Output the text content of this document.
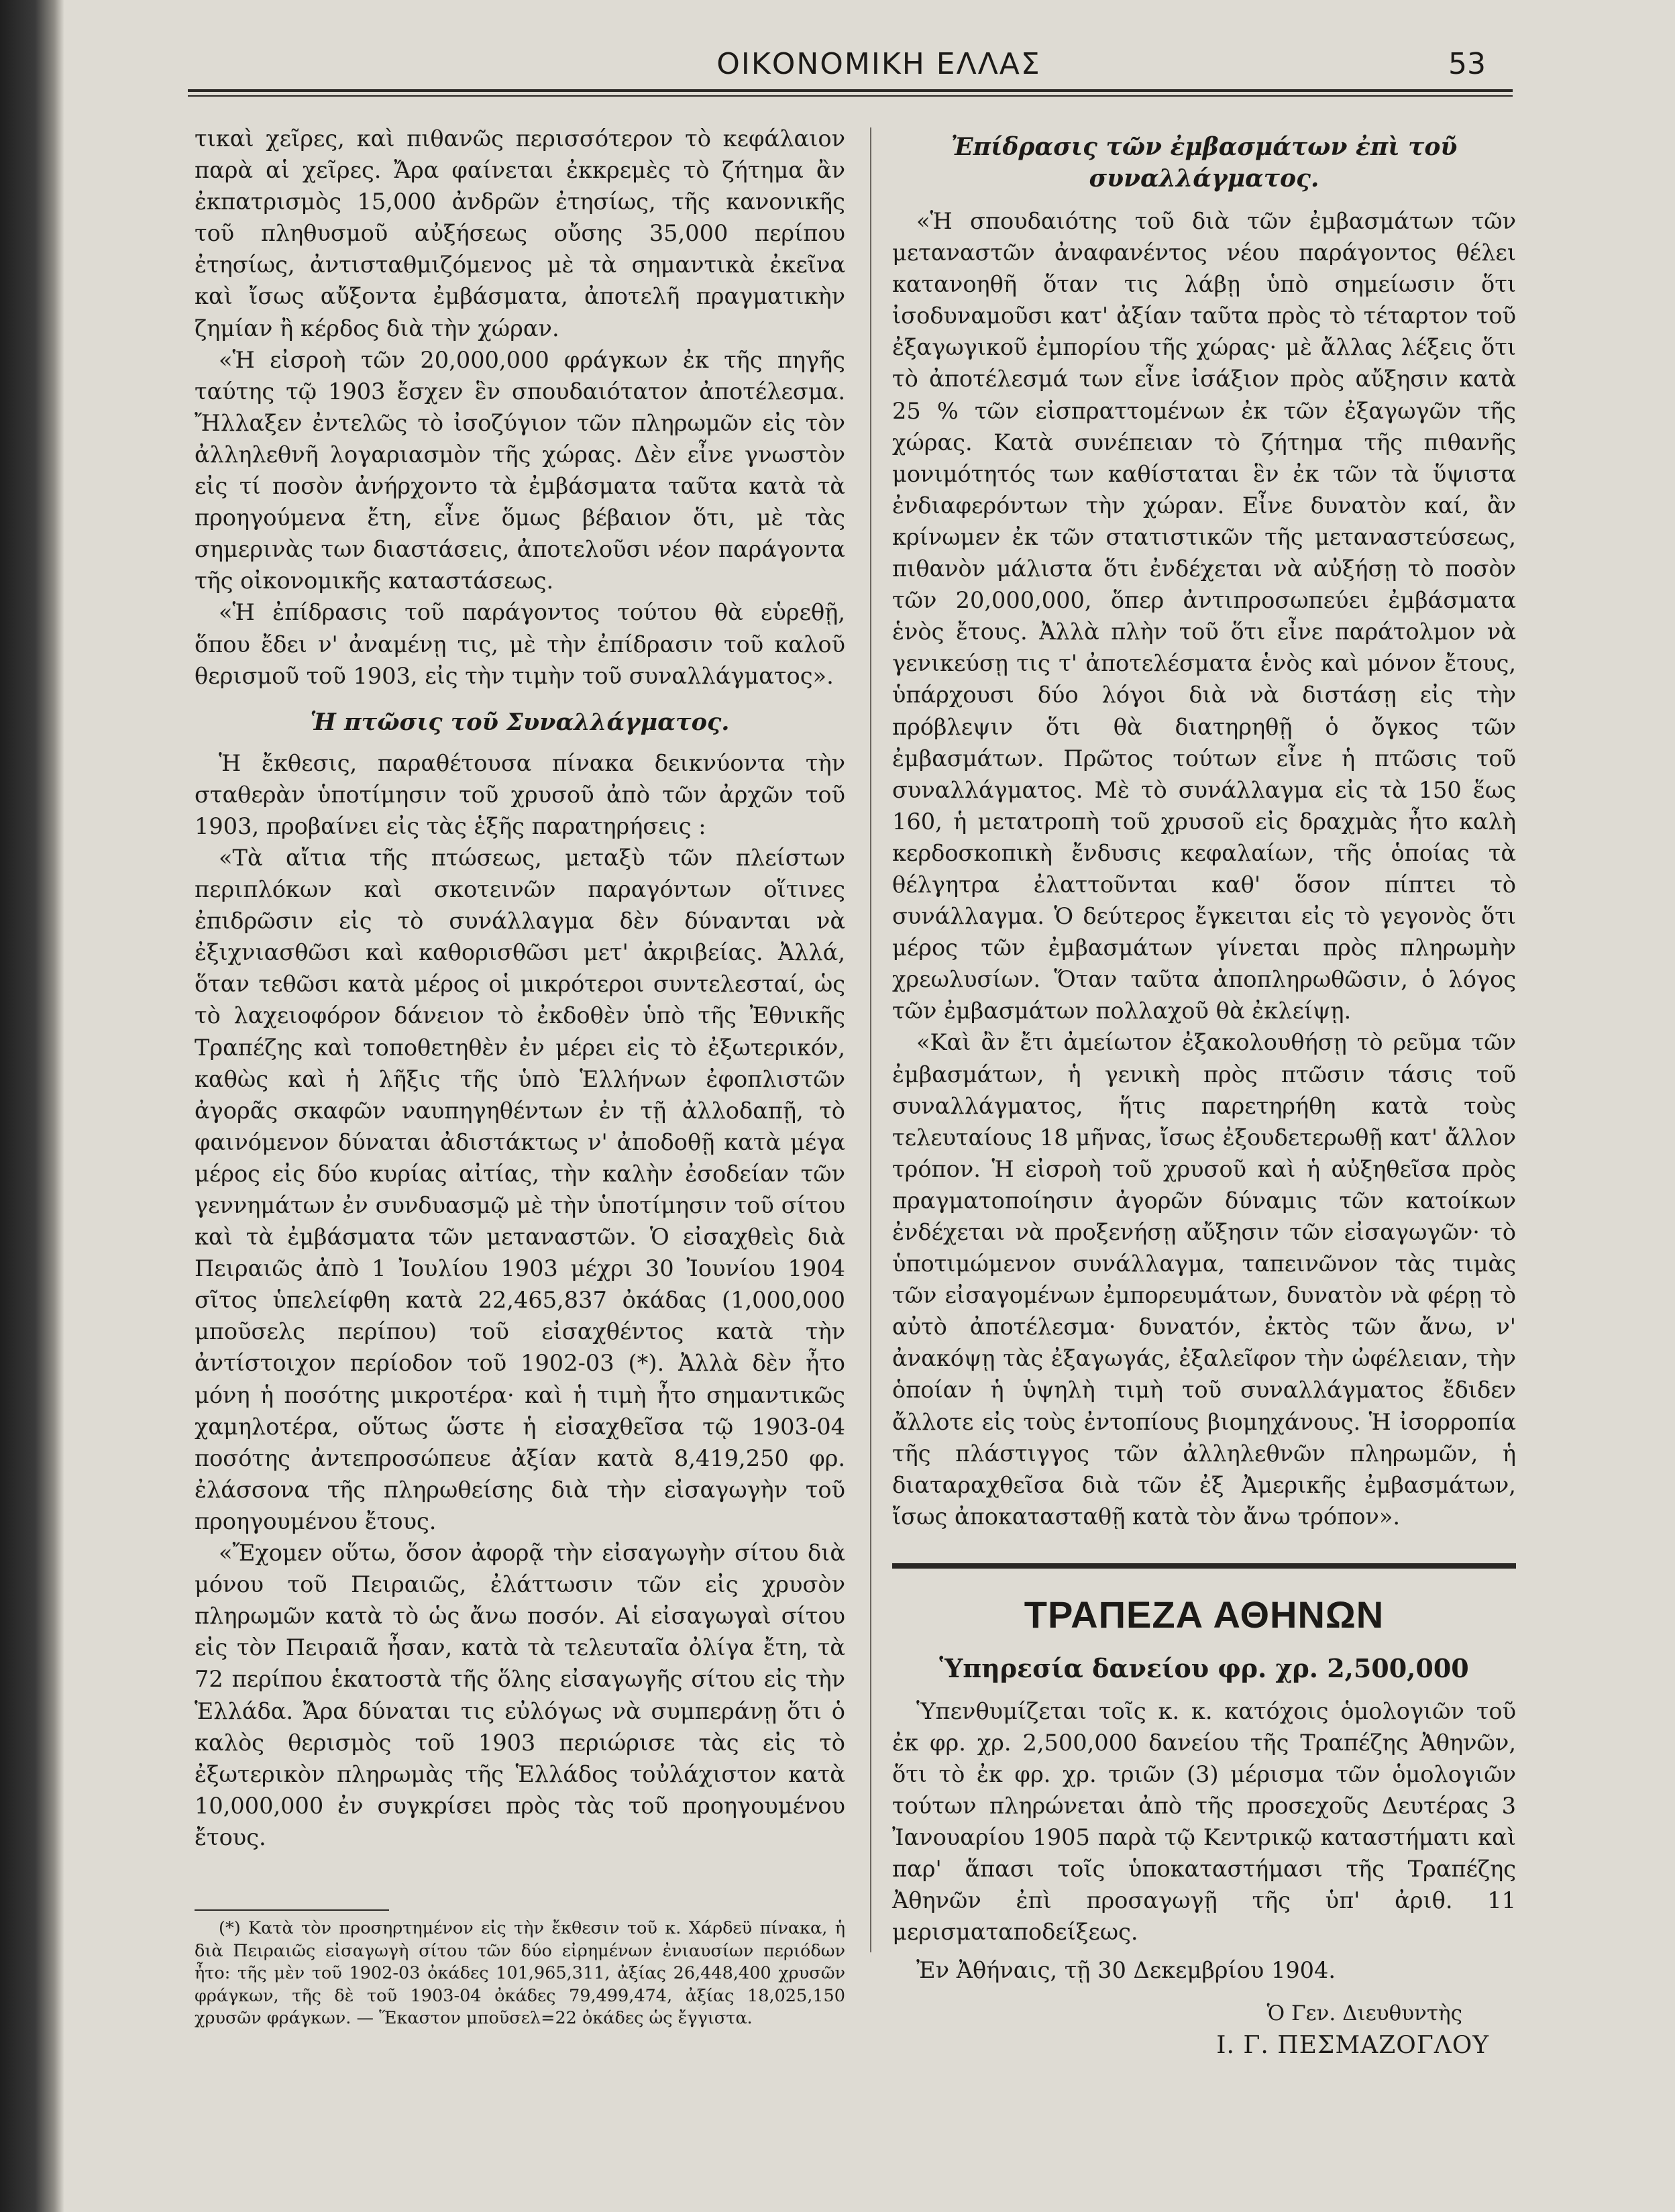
ΟΙΚΟΝΟΜΙΚΗ ΕΛΛΑΣ	53

τικαὶ χεῖρες, καὶ πιθανῶς περισσότερον τὸ κεφάλαιον παρὰ αἱ χεῖρες. Ἄρα φαίνεται ἐκκρεμὲς τὸ ζήτημα ἂν ἐκπατρισμὸς 15,000 ἀνδρῶν ἐτησίως, τῆς κανονικῆς τοῦ πληθυσμοῦ αὐξήσεως οὔσης 35,000 περίπου ἐτησίως, ἀντισταθμιζόμενος μὲ τὰ σημαντικὰ ἐκεῖνα καὶ ἴσως αὔξοντα ἐμβάσματα, ἀποτελῆ πραγματικὴν ζημίαν ἢ κέρδος διὰ τὴν χώραν.

«Ἡ εἰσροὴ τῶν 20,000,000 φράγκων ἐκ τῆς πηγῆς ταύτης τῷ 1903 ἔσχεν ἓν σπουδαιότατον ἀποτέλεσμα. Ἤλλαξεν ἐντελῶς τὸ ἰσοζύγιον τῶν πληρωμῶν εἰς τὸν ἀλληλεθνῆ λογαριασμὸν τῆς χώρας. Δὲν εἶνε γνωστὸν εἰς τί ποσὸν ἀνήρχοντο τὰ ἐμβάσματα ταῦτα κατὰ τὰ προηγούμενα ἔτη, εἶνε ὅμως βέβαιον ὅτι, μὲ τὰς σημερινὰς των διαστάσεις, ἀποτελοῦσι νέον παράγοντα τῆς οἰκονομικῆς καταστάσεως.

«Ἡ ἐπίδρασις τοῦ παράγοντος τούτου θὰ εὑρεθῇ, ὅπου ἔδει ν' ἀναμένῃ τις, μὲ τὴν ἐπίδρασιν τοῦ καλοῦ θερισμοῦ τοῦ 1903, εἰς τὴν τιμὴν τοῦ συναλλάγματος».

Ἡ πτῶσις τοῦ Συναλλάγματος.

Ἡ ἔκθεσις, παραθέτουσα πίνακα δεικνύοντα τὴν σταθερὰν ὑποτίμησιν τοῦ χρυσοῦ ἀπὸ τῶν ἀρχῶν τοῦ 1903, προβαίνει εἰς τὰς ἑξῆς παρατηρήσεις :

«Τὰ αἴτια τῆς πτώσεως, μεταξὺ τῶν πλείστων περιπλόκων καὶ σκοτεινῶν παραγόντων οἵτινες ἐπιδρῶσιν εἰς τὸ συνάλλαγμα δὲν δύνανται νὰ ἐξιχνιασθῶσι καὶ καθορισθῶσι μετ' ἀκριβείας. Ἀλλά, ὅταν τεθῶσι κατὰ μέρος οἱ μικρότεροι συντελεσταί, ὡς τὸ λαχειοφόρον δάνειον τὸ ἐκδοθὲν ὑπὸ τῆς Ἐθνικῆς Τραπέζης καὶ τοποθετηθὲν ἐν μέρει εἰς τὸ ἐξωτερικόν, καθὼς καὶ ἡ λῆξις τῆς ὑπὸ Ἑλλήνων ἐφοπλιστῶν ἀγορᾶς σκαφῶν ναυπηγηθέντων ἐν τῇ ἀλλοδαπῇ, τὸ φαινόμενον δύναται ἀδιστάκτως ν' ἀποδοθῇ κατὰ μέγα μέρος εἰς δύο κυρίας αἰτίας, τὴν καλὴν ἐσοδείαν τῶν γεννημάτων ἐν συνδυασμῷ μὲ τὴν ὑποτίμησιν τοῦ σίτου καὶ τὰ ἐμβάσματα τῶν μεταναστῶν. Ὁ εἰσαχθεὶς διὰ Πειραιῶς ἀπὸ 1 Ἰουλίου 1903 μέχρι 30 Ἰουνίου 1904 σῖτος ὑπελείφθη κατὰ 22,465,837 ὀκάδας (1,000,000 μποῦσελς περίπου) τοῦ εἰσαχθέντος κατὰ τὴν ἀντίστοιχον περίοδον τοῦ 1902-03 (*). Ἀλλὰ δὲν ἦτο μόνη ἡ ποσότης μικροτέρα· καὶ ἡ τιμὴ ἦτο σημαντικῶς χαμηλοτέρα, οὕτως ὥστε ἡ εἰσαχθεῖσα τῷ 1903-04 ποσότης ἀντεπροσώπευε ἀξίαν κατὰ 8,419,250 φρ. ἐλάσσονα τῆς πληρωθείσης διὰ τὴν εἰσαγωγὴν τοῦ προηγουμένου ἔτους.

«Ἔχομεν οὕτω, ὅσον ἀφορᾷ τὴν εἰσαγωγὴν σίτου διὰ μόνου τοῦ Πειραιῶς, ἐλάττωσιν τῶν εἰς χρυσὸν πληρωμῶν κατὰ τὸ ὡς ἄνω ποσόν. Αἱ εἰσαγωγαὶ σίτου εἰς τὸν Πειραιᾶ ἦσαν, κατὰ τὰ τελευταῖα ὀλίγα ἔτη, τὰ 72 περίπου ἑκατοστὰ τῆς ὅλης εἰσαγωγῆς σίτου εἰς τὴν Ἑλλάδα. Ἄρα δύναται τις εὐλόγως νὰ συμπεράνῃ ὅτι ὁ καλὸς θερισμὸς τοῦ 1903 περιώρισε τὰς εἰς τὸ ἐξωτερικὸν πληρωμὰς τῆς Ἑλλάδος τοὐλάχιστον κατὰ 10,000,000 ἐν συγκρίσει πρὸς τὰς τοῦ προηγουμένου ἔτους.

(*) Κατὰ τὸν προσηρτημένον εἰς τὴν ἔκθεσιν τοῦ κ. Χάρδεϋ πίνακα, ἡ διὰ Πειραιῶς εἰσαγωγὴ σίτου τῶν δύο εἰρημένων ἐνιαυσίων περιόδων ἦτο: τῆς μὲν τοῦ 1902-03 ὀκάδες 101,965,311, ἀξίας 26,448,400 χρυσῶν φράγκων, τῆς δὲ τοῦ 1903-04 ὀκάδες 79,499,474, ἀξίας 18,025,150 χρυσῶν φράγκων. — Ἕκαστον μποῦσελ=22 ὀκάδες ὡς ἔγγιστα.

Ἐπίδρασις τῶν ἐμβασμάτων ἐπὶ τοῦ συναλλάγματος.

«Ἡ σπουδαιότης τοῦ διὰ τῶν ἐμβασμάτων τῶν μεταναστῶν ἀναφανέντος νέου παράγοντος θέλει κατανοηθῆ ὅταν τις λάβῃ ὑπὸ σημείωσιν ὅτι ἰσοδυναμοῦσι κατ' ἀξίαν ταῦτα πρὸς τὸ τέταρτον τοῦ ἐξαγωγικοῦ ἐμπορίου τῆς χώρας· μὲ ἄλλας λέξεις ὅτι τὸ ἀποτέλεσμά των εἶνε ἰσάξιον πρὸς αὔξησιν κατὰ 25 % τῶν εἰσπραττομένων ἐκ τῶν ἐξαγωγῶν τῆς χώρας. Κατὰ συνέπειαν τὸ ζήτημα τῆς πιθανῆς μονιμότητός των καθίσταται ἓν ἐκ τῶν τὰ ὕψιστα ἐνδιαφερόντων τὴν χώραν. Εἶνε δυνατὸν καί, ἂν κρίνωμεν ἐκ τῶν στατιστικῶν τῆς μεταναστεύσεως, πιθανὸν μάλιστα ὅτι ἐνδέχεται νὰ αὐξήσῃ τὸ ποσὸν τῶν 20,000,000, ὅπερ ἀντιπροσωπεύει ἐμβάσματα ἑνὸς ἔτους. Ἀλλὰ πλὴν τοῦ ὅτι εἶνε παράτολμον νὰ γενικεύσῃ τις τ' ἀποτελέσματα ἑνὸς καὶ μόνον ἔτους, ὑπάρχουσι δύο λόγοι διὰ νὰ διστάσῃ εἰς τὴν πρόβλεψιν ὅτι θὰ διατηρηθῇ ὁ ὄγκος τῶν ἐμβασμάτων. Πρῶτος τούτων εἶνε ἡ πτῶσις τοῦ συναλλάγματος. Μὲ τὸ συνάλλαγμα εἰς τὰ 150 ἕως 160, ἡ μετατροπὴ τοῦ χρυσοῦ εἰς δραχμὰς ἦτο καλὴ κερδοσκοπικὴ ἔνδυσις κεφαλαίων, τῆς ὁποίας τὰ θέλγητρα ἐλαττοῦνται καθ' ὅσον πίπτει τὸ συνάλλαγμα. Ὁ δεύτερος ἔγκειται εἰς τὸ γεγονὸς ὅτι μέρος τῶν ἐμβασμάτων γίνεται πρὸς πληρωμὴν χρεωλυσίων. Ὅταν ταῦτα ἀποπληρωθῶσιν, ὁ λόγος τῶν ἐμβασμάτων πολλαχοῦ θὰ ἐκλείψῃ.

«Καὶ ἂν ἔτι ἀμείωτον ἐξακολουθήσῃ τὸ ρεῦμα τῶν ἐμβασμάτων, ἡ γενικὴ πρὸς πτῶσιν τάσις τοῦ συναλλάγματος, ἥτις παρετηρήθη κατὰ τοὺς τελευταίους 18 μῆνας, ἴσως ἐξουδετερωθῇ κατ' ἄλλον τρόπον. Ἡ εἰσροὴ τοῦ χρυσοῦ καὶ ἡ αὐξηθεῖσα πρὸς πραγματοποίησιν ἀγορῶν δύναμις τῶν κατοίκων ἐνδέχεται νὰ προξενήσῃ αὔξησιν τῶν εἰσαγωγῶν· τὸ ὑποτιμώμενον συνάλλαγμα, ταπεινῶνον τὰς τιμὰς τῶν εἰσαγομένων ἐμπορευμάτων, δυνατὸν νὰ φέρῃ τὸ αὐτὸ ἀποτέλεσμα· δυνατόν, ἐκτὸς τῶν ἄνω, ν' ἀνακόψῃ τὰς ἐξαγωγάς, ἐξαλεῖφον τὴν ὠφέλειαν, τὴν ὁποίαν ἡ ὑψηλὴ τιμὴ τοῦ συναλλάγματος ἔδιδεν ἄλλοτε εἰς τοὺς ἐντοπίους βιομηχάνους. Ἡ ἰσορροπία τῆς πλάστιγγος τῶν ἀλληλεθνῶν πληρωμῶν, ἡ διαταραχθεῖσα διὰ τῶν ἐξ Ἀμερικῆς ἐμβασμάτων, ἴσως ἀποκατασταθῇ κατὰ τὸν ἄνω τρόπον».

ΤΡΑΠΕΖΑ ΑΘΗΝΩΝ
Ὑπηρεσία δανείου φρ. χρ. 2,500,000

Ὑπενθυμίζεται τοῖς κ. κ. κατόχοις ὁμολογιῶν τοῦ ἐκ φρ. χρ. 2,500,000 δανείου τῆς Τραπέζης Ἀθηνῶν, ὅτι τὸ ἐκ φρ. χρ. τριῶν (3) μέρισμα τῶν ὁμολογιῶν τούτων πληρώνεται ἀπὸ τῆς προσεχοῦς Δευτέρας 3 Ἰανουαρίου 1905 παρὰ τῷ Κεντρικῷ καταστήματι καὶ παρ' ἅπασι τοῖς ὑποκαταστήμασι τῆς Τραπέζης Ἀθηνῶν ἐπὶ προσαγωγῇ τῆς ὑπ' ἀριθ. 11 μερισματαποδείξεως.

Ἐν Ἀθήναις, τῇ 30 Δεκεμβρίου 1904.

Ὁ Γεν. Διευθυντὴς

Ι. Γ. ΠΕΣΜΑΖΟΓΛΟΥ
